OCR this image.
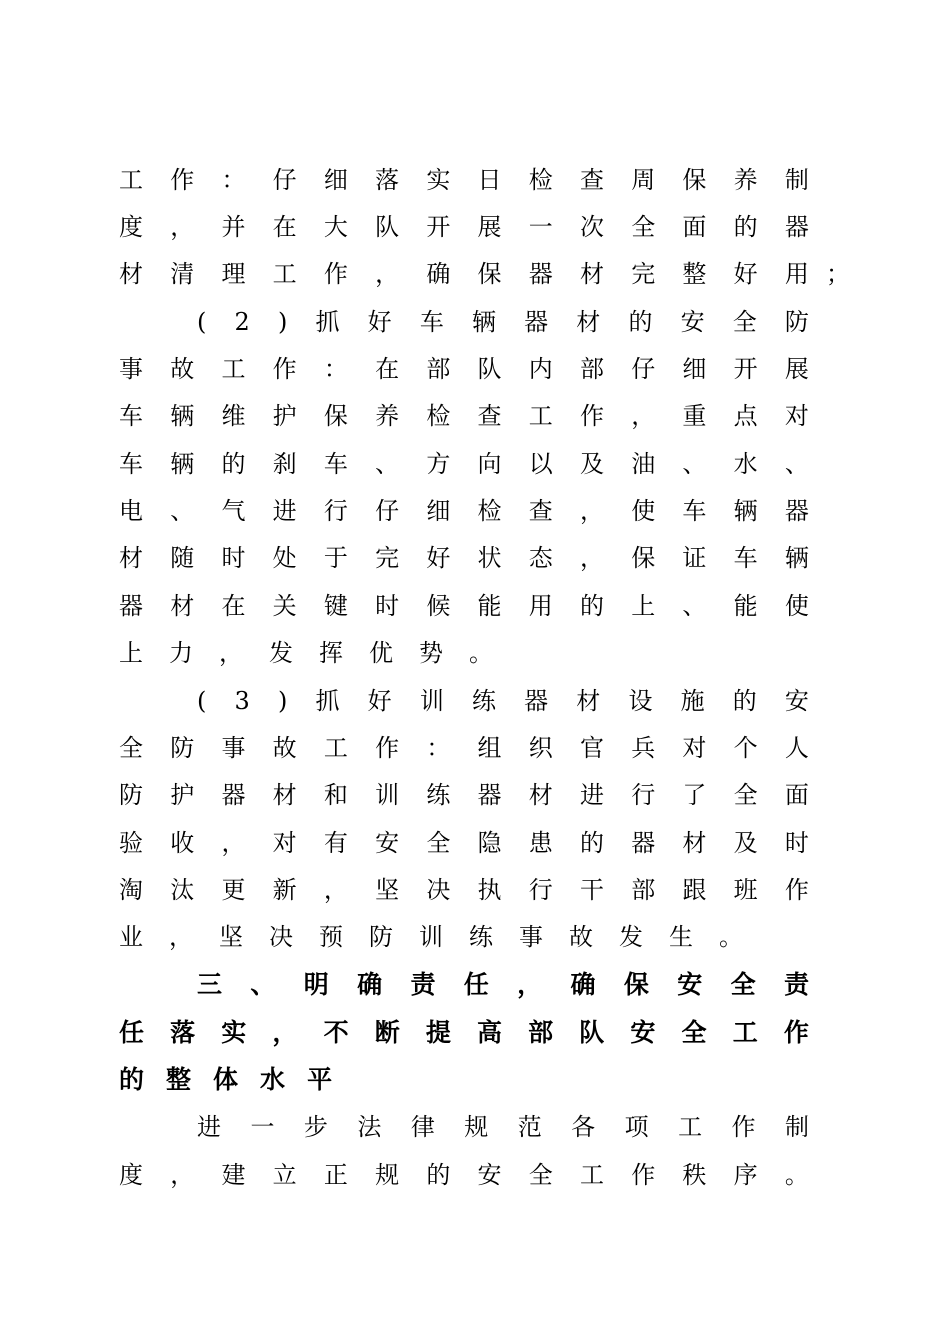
工 作 ： 仔 细 落 实 日 检 查 周 保 养 制
度 ， 并 在 大 队 开 展 一 次 全 面 的 器
材 清 理 工 作 ， 确 保 器 材 完 整 好 用 ；
( 2 ) 抓 好 车 辆 器 材 的 安 全 防
事 故 工 作 ： 在 部 队 内 部 仔 细 开 展
车 辆 维 护 保 养 检 查 工 作 ， 重 点 对
车 辆 的 刹 车 、 方 向 以 及 油 、 水 、
电 、 气 进 行 仔 细 检 查 ， 使 车 辆 器
材 随 时 处 于 完 好 状 态 ， 保 证 车 辆
器 材 在 关 键 时 候 能 用 的 上 、 能 使
上 力 ， 发 挥 优 势 。
( 3 ) 抓 好 训 练 器 材 设 施 的 安
全 防 事 故 工 作 ： 组 织 官 兵 对 个 人
防 护 器 材 和 训 练 器 材 进 行 了 全 面
验 收 ， 对 有 安 全 隐 患 的 器 材 及 时
淘 汰 更 新 ， 坚 决 执 行 干 部 跟 班 作
业 ， 坚 决 预 防 训 练 事 故 发 生 。
三 、 明 确 责 任 ， 确 保 安 全 责
任 落 实 ， 不 断 提 高 部 队 安 全 工 作
的 整 体 水 平
进 一 步 法 律 规 范 各 项 工 作 制
度 ， 建 立 正 规 的 安 全 工 作 秩 序 。
